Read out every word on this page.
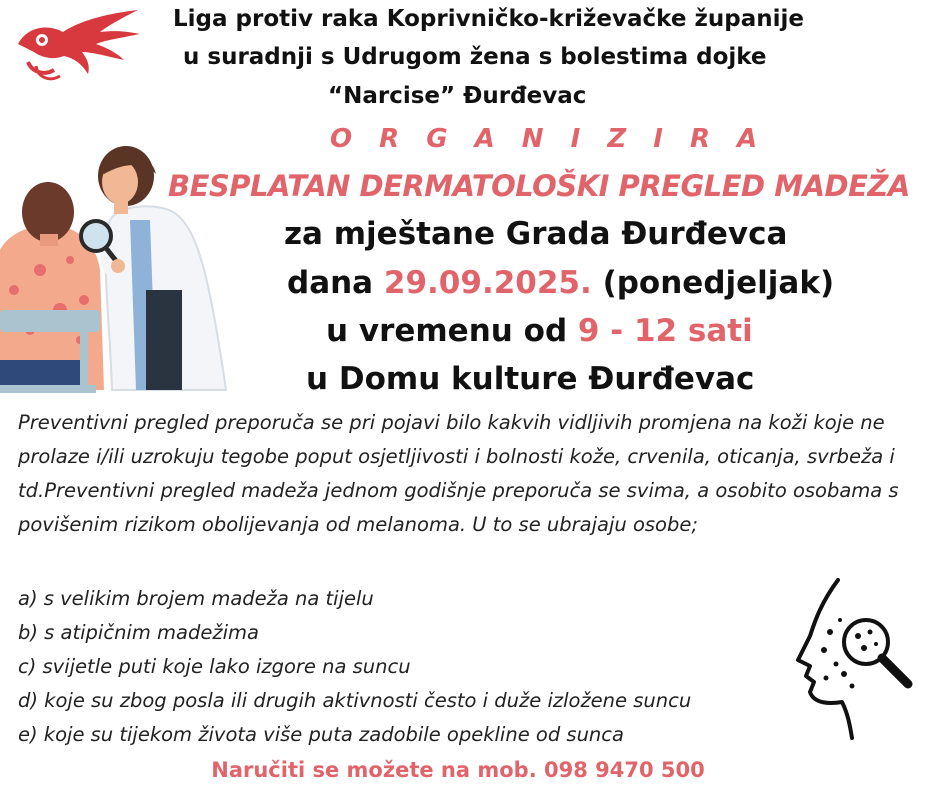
Liga protiv raka Koprivničko-križevačke županije
u suradnji s Udrugom žena s bolestima dojke
“Narcise” Đurđevac
O R G A N I Z I R A
BESPLATAN DERMATOLOŠKI PREGLED MADEŽA
za mještane Grada Đurđevca
dana 29.09.2025. (ponedjeljak)
u vremenu od 9 - 12 sati
u Domu kulture Đurđevac

Preventivni pregled preporuča se pri pojavi bilo kakvih vidljivih promjena na koži koje ne prolaze i/ili uzrokuju tegobe poput osjetljivosti i bolnosti kože, crvenila, oticanja, svrbeža i td.Preventivni pregled madeža jednom godišnje preporuča se svima, a osobito osobama s povišenim rizikom obolijevanja od melanoma. U to se ubrajaju osobe;

a) s velikim brojem madeža na tijelu
b) s atipičnim madežima
c) svijetle puti koje lako izgore na suncu
d) koje su zbog posla ili drugih aktivnosti često i duže izložene suncu
e) koje su tijekom života više puta zadobile opekline od sunca
Naručiti se možete na mob. 098 9470 500
